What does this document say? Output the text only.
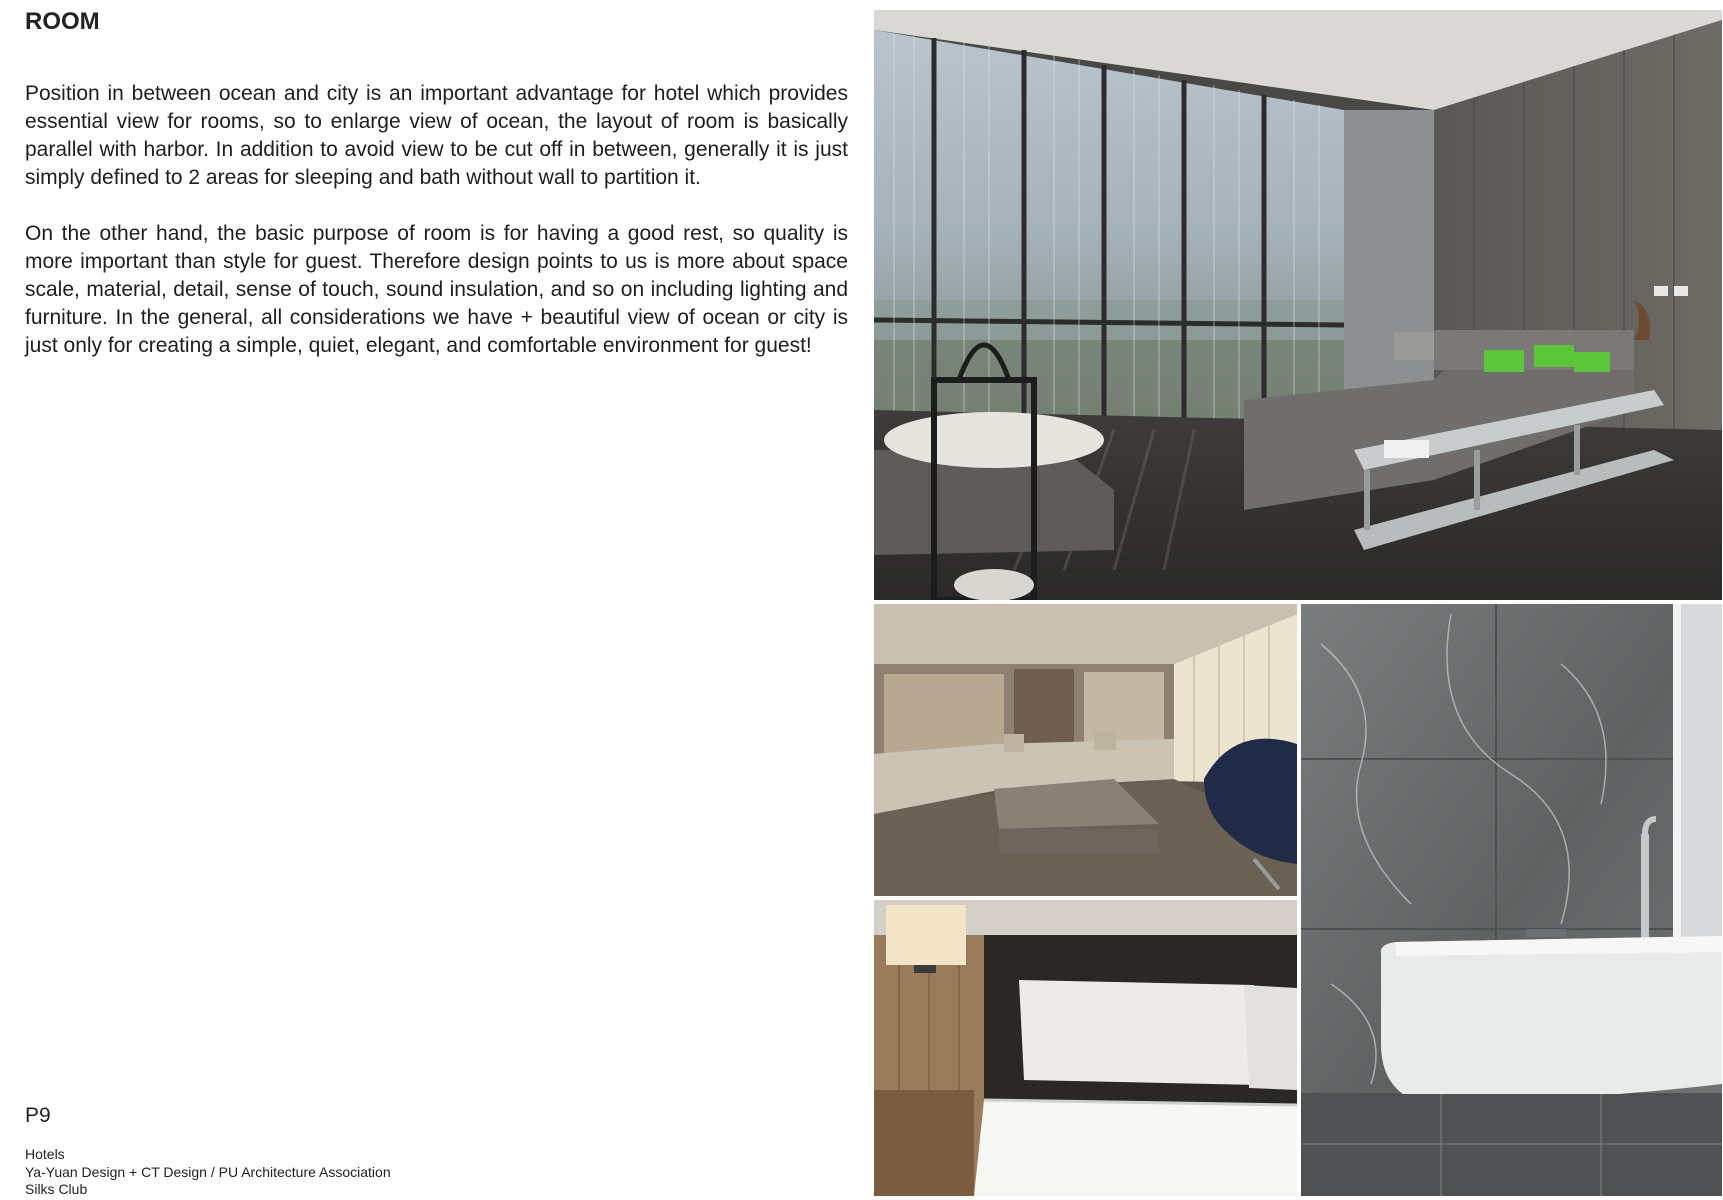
ROOM

Position in between ocean and city is an important advantage for hotel which provides essential view for rooms, so to enlarge view of ocean, the layout of room is basically parallel with harbor. In addition to avoid view to be cut off in between, generally it is just simply defined to 2 areas for sleeping and bath without wall to partition it.

On the other hand, the basic purpose of room is for having a good rest, so quality is more important than style for guest. Therefore design points to us is more about space scale, material, detail, sense of touch, sound insulation, and so on including lighting and furniture. In the general, all considerations we have + beautiful view of ocean or city is just only for creating a simple, quiet, elegant, and comfortable environment for guest!

P9
Hotels
Ya-Yuan Design + CT Design / PU Architecture Association
Silks Club
